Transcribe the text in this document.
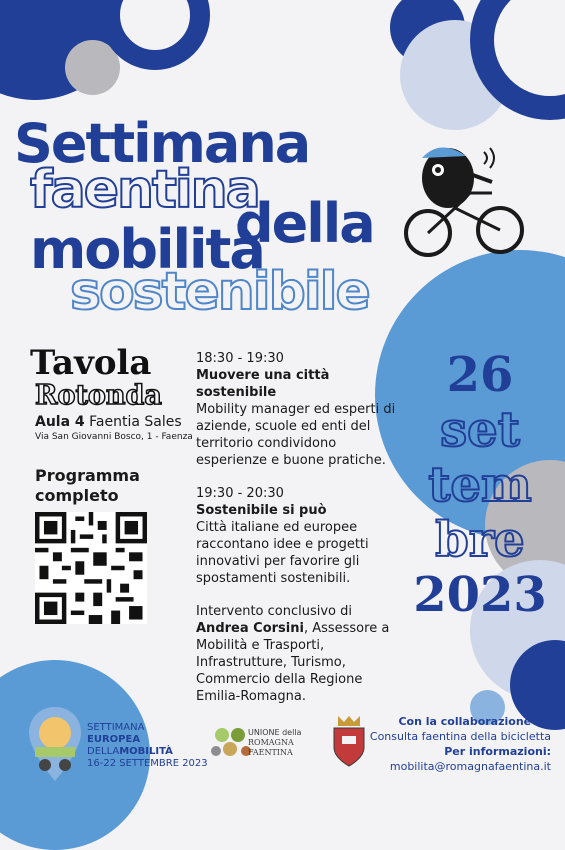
Settimana
faentina
della
mobilità
sostenibile
Tavola
Rotonda
Aula 4 Faentia Sales
Via San Giovanni Bosco, 1 - Faenza
Programma completo
18:30 - 19:30
Muovere una città sostenibile
Mobility manager ed esperti di aziende, scuole ed enti del territorio condividono esperienze e buone pratiche.
19:30 - 20:30
Sostenibile si può
Città italiane ed europee raccontano idee e progetti innovativi per favorire gli spostamenti sostenibili.
Intervento conclusivo di
Andrea Corsini, Assessore a Mobilità e Trasporti, Infrastrutture, Turismo, Commercio della Regione Emilia-Romagna.
26
set
tem
bre
2023
SETTIMANA
EUROPEA
DELLAMOBILITÀ
16-22 SETTEMBRE 2023
UNIONE della
ROMAGNA
FAENTINA
Con la collaborazione di:
Consulta faentina della bicicletta
Per informazioni:
mobilita@romagnafaentina.it
